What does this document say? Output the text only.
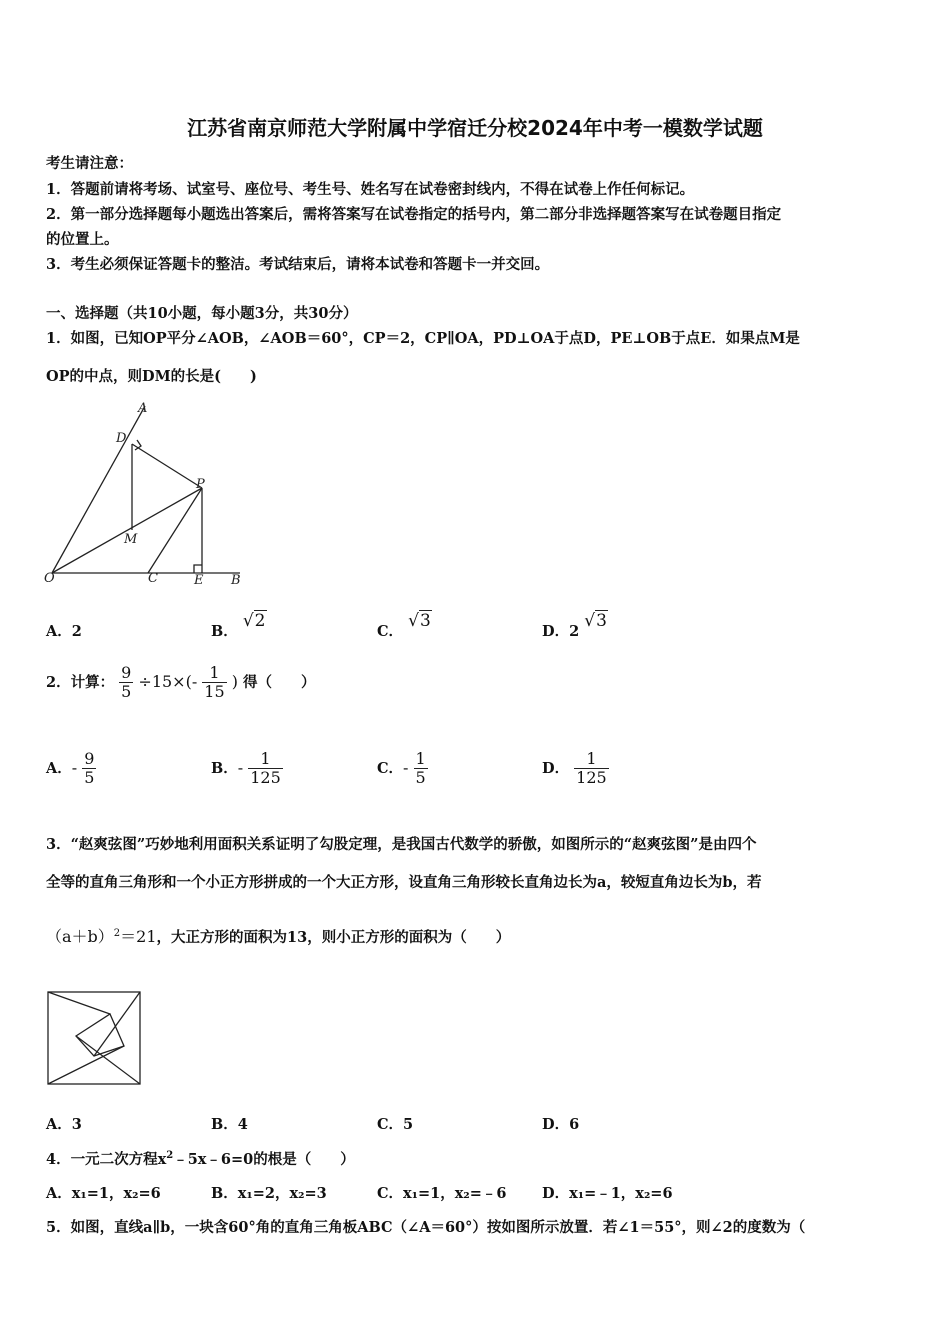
江苏省南京师范大学附属中学宿迁分校2024年中考一模数学试题
考生请注意：
1．答题前请将考场、试室号、座位号、考生号、姓名写在试卷密封线内，不得在试卷上作任何标记。
2．第一部分选择题每小题选出答案后，需将答案写在试卷指定的括号内，第二部分非选择题答案写在试卷题目指定
的位置上。
3．考生必须保证答题卡的整洁。考试结束后，请将本试卷和答题卡一并交回。
一、选择题（共10小题，每小题3分，共30分）
1．如图，已知OP平分∠AOB，∠AOB＝60°，CP＝2，CP∥OA，PD⊥OA于点D，PE⊥OB于点E．如果点M是
OP的中点，则DM的长是(　　)
A
D
P
M
O	C	E B
A．2	B． √2
C． √3
D．2 √3
2．计算： $\frac{9}{5} \div 15\times(- \frac{1}{15}$ ) 得（　　）
A．- $\frac{9}{5}$	B．- $\frac{1}{125}$	C．- $\frac{1}{5}$	D． $\frac{1}{125}$
3．“赵爽弦图”巧妙地利用面积关系证明了勾股定理，是我国古代数学的骄傲，如图所示的“赵爽弦图”是由四个
全等的直角三角形和一个小正方形拼成的一个大正方形，设直角三角形较长直角边长为a，较短直角边长为b，若
$(a+b)^2=21$，大正方形的面积为13，则小正方形的面积为（　　）
A．3	B．4	C．5	D．6
4．一元二次方程$x^2﹣5x﹣6=0$的根是（　　）
A．x₁=1，x₂=6	B．x₁=2，x₂=3	C．x₁=1，x₂=﹣6 D．x₁=﹣1，x₂=6
5．如图，直线a∥b，一块含60°角的直角三角板ABC（∠A＝60°）按如图所示放置．若∠1＝55°，则∠2的度数为（
